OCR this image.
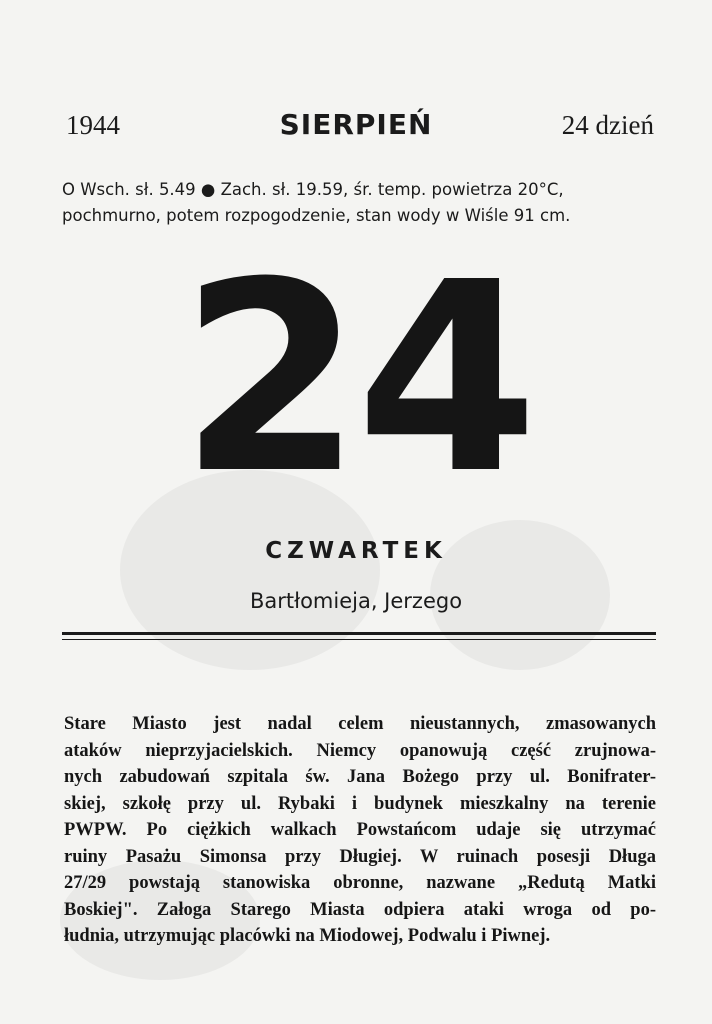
1944	SIERPIEŃ	24 dzień
O Wsch. sł. 5.49 ● Zach. sł. 19.59, śr. temp. powietrza 20°C,
pochmurno, potem rozpogodzenie, stan wody w Wiśle 91 cm.
24
CZWARTEK
Bartłomieja, Jerzego
Stare Miasto jest nadal celem nieustannych, zmasowanych
ataków nieprzyjacielskich. Niemcy opanowują część zrujnowa-
nych zabudowań szpitala św. Jana Bożego przy ul. Bonifrater-
skiej, szkołę przy ul. Rybaki i budynek mieszkalny na terenie
PWPW. Po ciężkich walkach Powstańcom udaje się utrzymać
ruiny Pasażu Simonsa przy Długiej. W ruinach posesji Długa
27/29 powstają stanowiska obronne, nazwane „Redutą Matki
Boskiej". Załoga Starego Miasta odpiera ataki wroga od po-
łudnia, utrzymując placówki na Miodowej, Podwalu i Piwnej.
